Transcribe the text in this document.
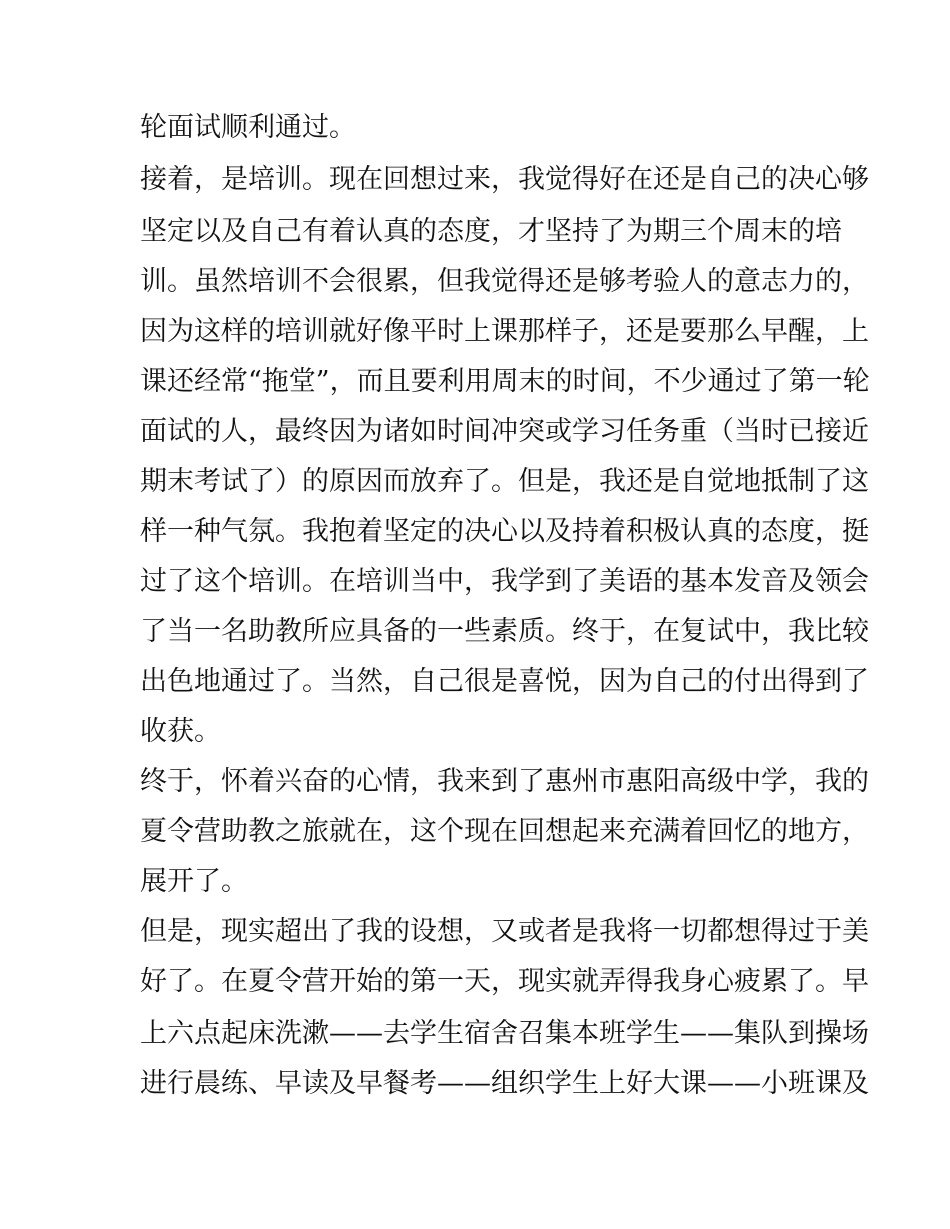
轮面试顺利通过。
接着，是培训。现在回想过来，我觉得好在还是自己的决心够
坚定以及自己有着认真的态度，才坚持了为期三个周末的培
训。虽然培训不会很累，但我觉得还是够考验人的意志力的，
因为这样的培训就好像平时上课那样子，还是要那么早醒，上
课还经常“拖堂”，而且要利用周末的时间，不少通过了第一轮
面试的人，最终因为诸如时间冲突或学习任务重（当时已接近
期末考试了）的原因而放弃了。但是，我还是自觉地抵制了这
样一种气氛。我抱着坚定的决心以及持着积极认真的态度，挺
过了这个培训。在培训当中，我学到了美语的基本发音及领会
了当一名助教所应具备的一些素质。终于，在复试中，我比较
出色地通过了。当然，自己很是喜悦，因为自己的付出得到了
收获。
终于，怀着兴奋的心情，我来到了惠州市惠阳高级中学，我的
夏令营助教之旅就在，这个现在回想起来充满着回忆的地方，
展开了。
但是，现实超出了我的设想，又或者是我将一切都想得过于美
好了。在夏令营开始的第一天，现实就弄得我身心疲累了。早
上六点起床洗漱——去学生宿舍召集本班学生——集队到操场
进行晨练、早读及早餐考——组织学生上好大课——小班课及
